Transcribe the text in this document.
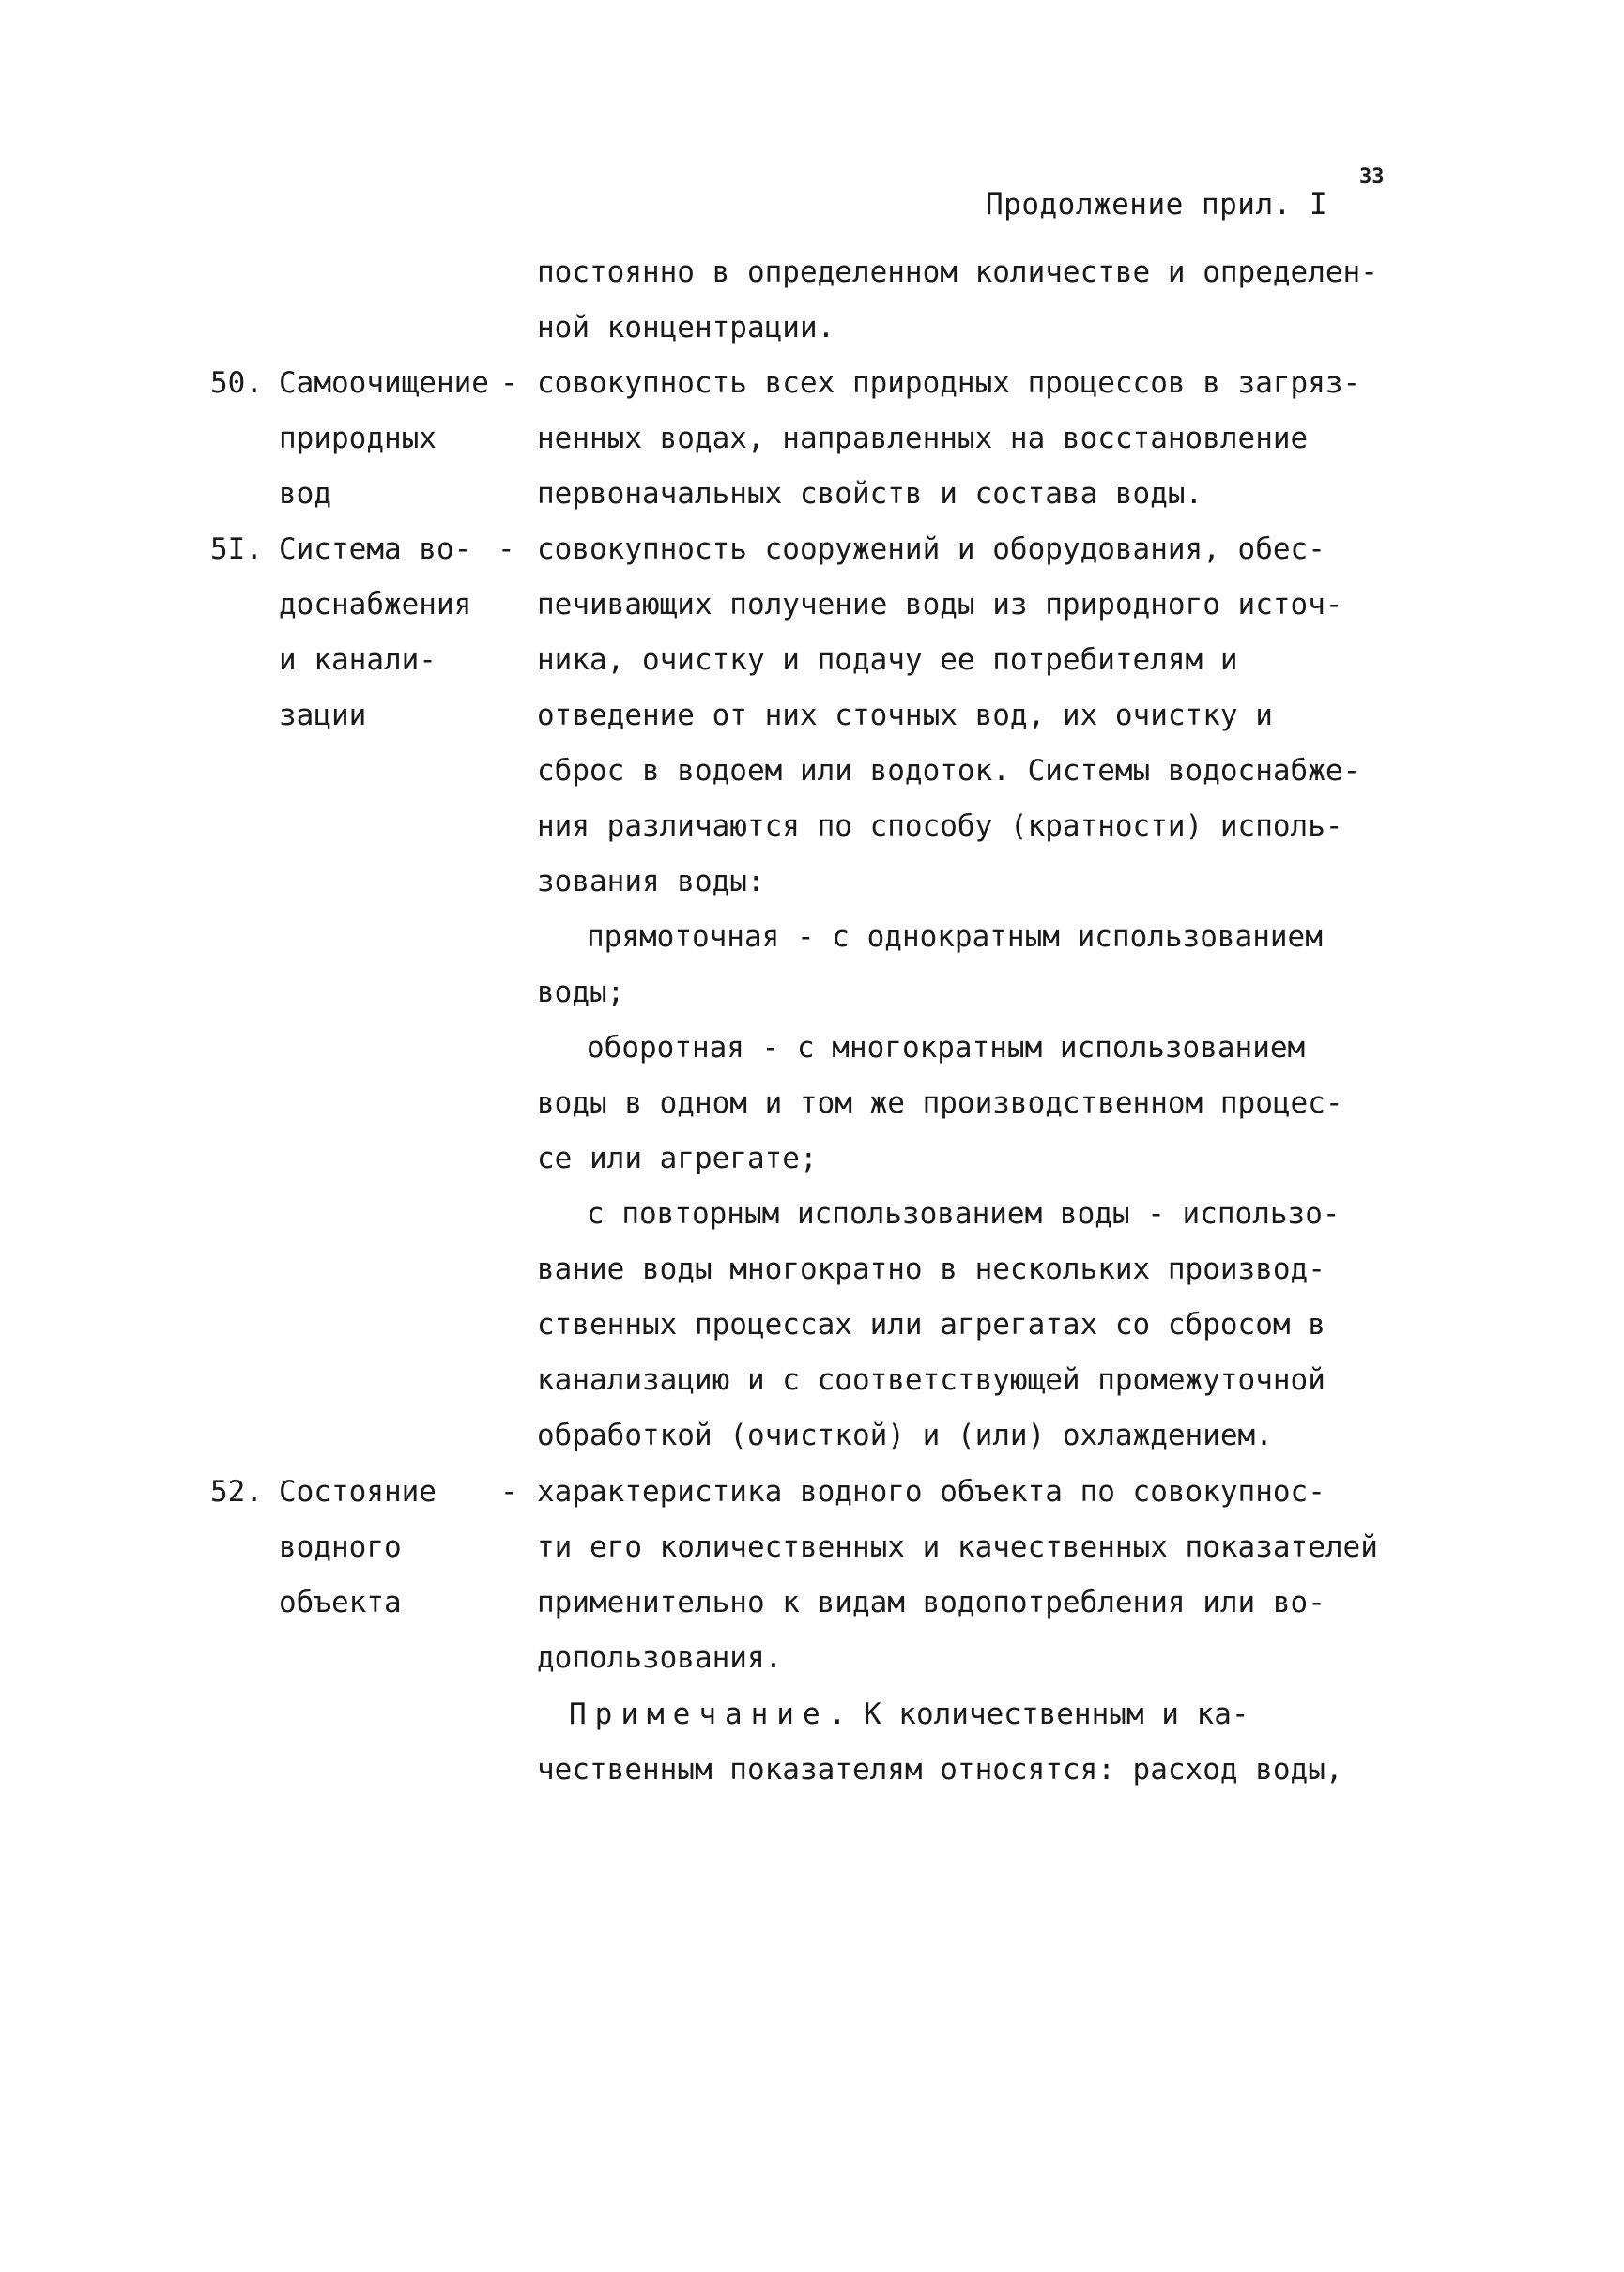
33
Продолжение прил. I
постоянно в определенном количестве и определен-
ной концентрации.
50. Самоочищение
природных
вод
- совокупность всех природных процессов в загряз-
ненных водах, направленных на восстановление
первоначальных свойств и состава воды.
5I. Система во-
доснабжения
и канали-
зации
- совокупность сооружений и оборудования, обес-
печивающих получение воды из природного источ-
ника, очистку и подачу ее потребителям и
отведение от них сточных вод, их очистку и
сброс в водоем или водоток. Системы водоснабже-
ния различаются по способу (кратности) исполь-
зования воды:
прямоточная - с однократным использованием
воды;
оборотная - с многократным использованием
воды в одном и том же производственном процес-
се или агрегате;
с повторным использованием воды - использо-
вание воды многократно в нескольких производ-
ственных процессах или агрегатах со сбросом в
канализацию и с соответствующей промежуточной
обработкой (очисткой) и (или) охлаждением.
52. Состояние
водного
объекта
- характеристика водного объекта по совокупнос-
ти его количественных и качественных показателей
применительно к видам водопотребления или во-
допользования.
Примечание. К количественным и ка-
чественным показателям относятся: расход воды,
